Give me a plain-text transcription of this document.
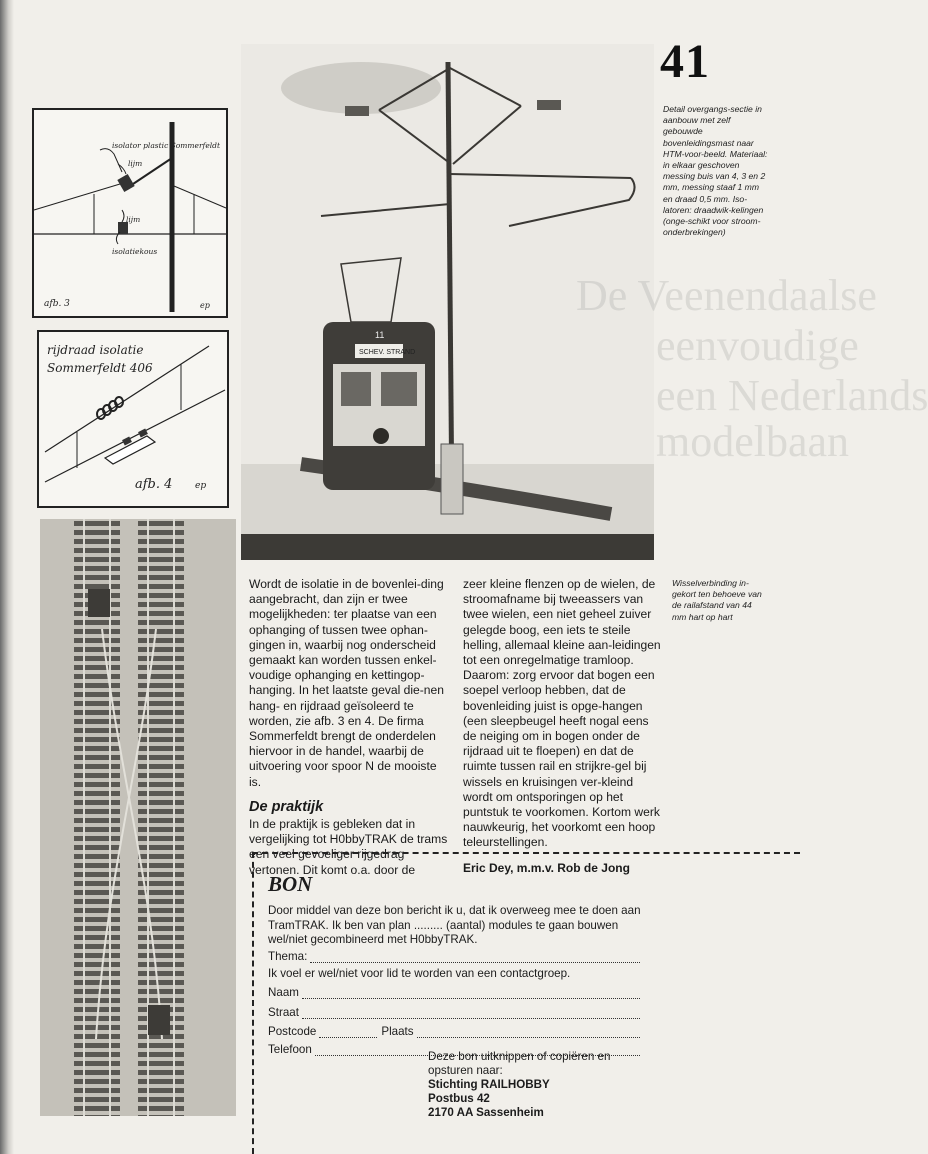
41
isolator plastic Sommerfeldt
lijm
lijm
isolatiekous
afb. 3	ep
rijdraad isolatie
Sommerfeldt 406
afb. 4	ep
SCHEV. STRAND
11
Detail overgangs-sectie in aanbouw met zelf gebouwde bovenleidingsmast naar HTM-voor-beeld. Materiaal: in elkaar geschoven messing buis van 4, 3 en 2 mm, messing staaf 1 mm en draad 0,5 mm. Iso-latoren: draadwik-kelingen (onge-schikt voor stroom-onderbrekingen)
Wisselverbinding in-gekort ten behoeve van de railafstand van 44 mm hart op hart
De Veenendaalse
eenvoudige
een Nederlands
modelbaan
Wordt de isolatie in de bovenlei-ding aangebracht, dan zijn er twee mogelijkheden: ter plaatse van een ophanging of tussen twee ophan-gingen in, waarbij nog onderscheid gemaakt kan worden tussen enkel-voudige ophanging en kettingop-hanging. In het laatste geval die-nen hang- en rijdraad geïsoleerd te worden, zie afb. 3 en 4. De firma Sommerfeldt brengt de onderdelen hiervoor in de handel, waarbij de uitvoering voor spoor N de mooiste is.
De praktijk
In de praktijk is gebleken dat in vergelijking tot H0bbyTRAK de trams een veel gevoeliger rijgedrag vertonen. Dit komt o.a. door de
zeer kleine flenzen op de wielen, de stroomafname bij tweeassers van twee wielen, een niet geheel zuiver gelegde boog, een iets te steile helling, allemaal kleine aan-leidingen tot een onregelmatige tramloop. Daarom: zorg ervoor dat bogen een soepel verloop hebben, dat de bovenleiding juist is opge-hangen (een sleepbeugel heeft nogal eens de neiging om in bogen onder de rijdraad uit te floepen) en dat de ruimte tussen rail en strijkre-gel bij wissels en kruisingen ver-kleind wordt om ontsporingen op het puntstuk te voorkomen. Kortom werk nauwkeurig, het voorkomt een hoop teleurstellingen.
Eric Dey, m.m.v. Rob de Jong
BON
Door middel van deze bon bericht ik u, dat ik overweeg mee te doen aan TramTRAK. Ik ben van plan ......... (aantal) modules te gaan bouwen wel/niet gecombineerd met H0bbyTRAK.
Thema:
Ik voel er wel/niet voor lid te worden van een contactgroep.
Naam
Straat
Postcode	Plaats
Telefoon
Deze bon uitknippen of copiëren en
opsturen naar:
Stichting RAILHOBBY
Postbus 42
2170 AA Sassenheim
